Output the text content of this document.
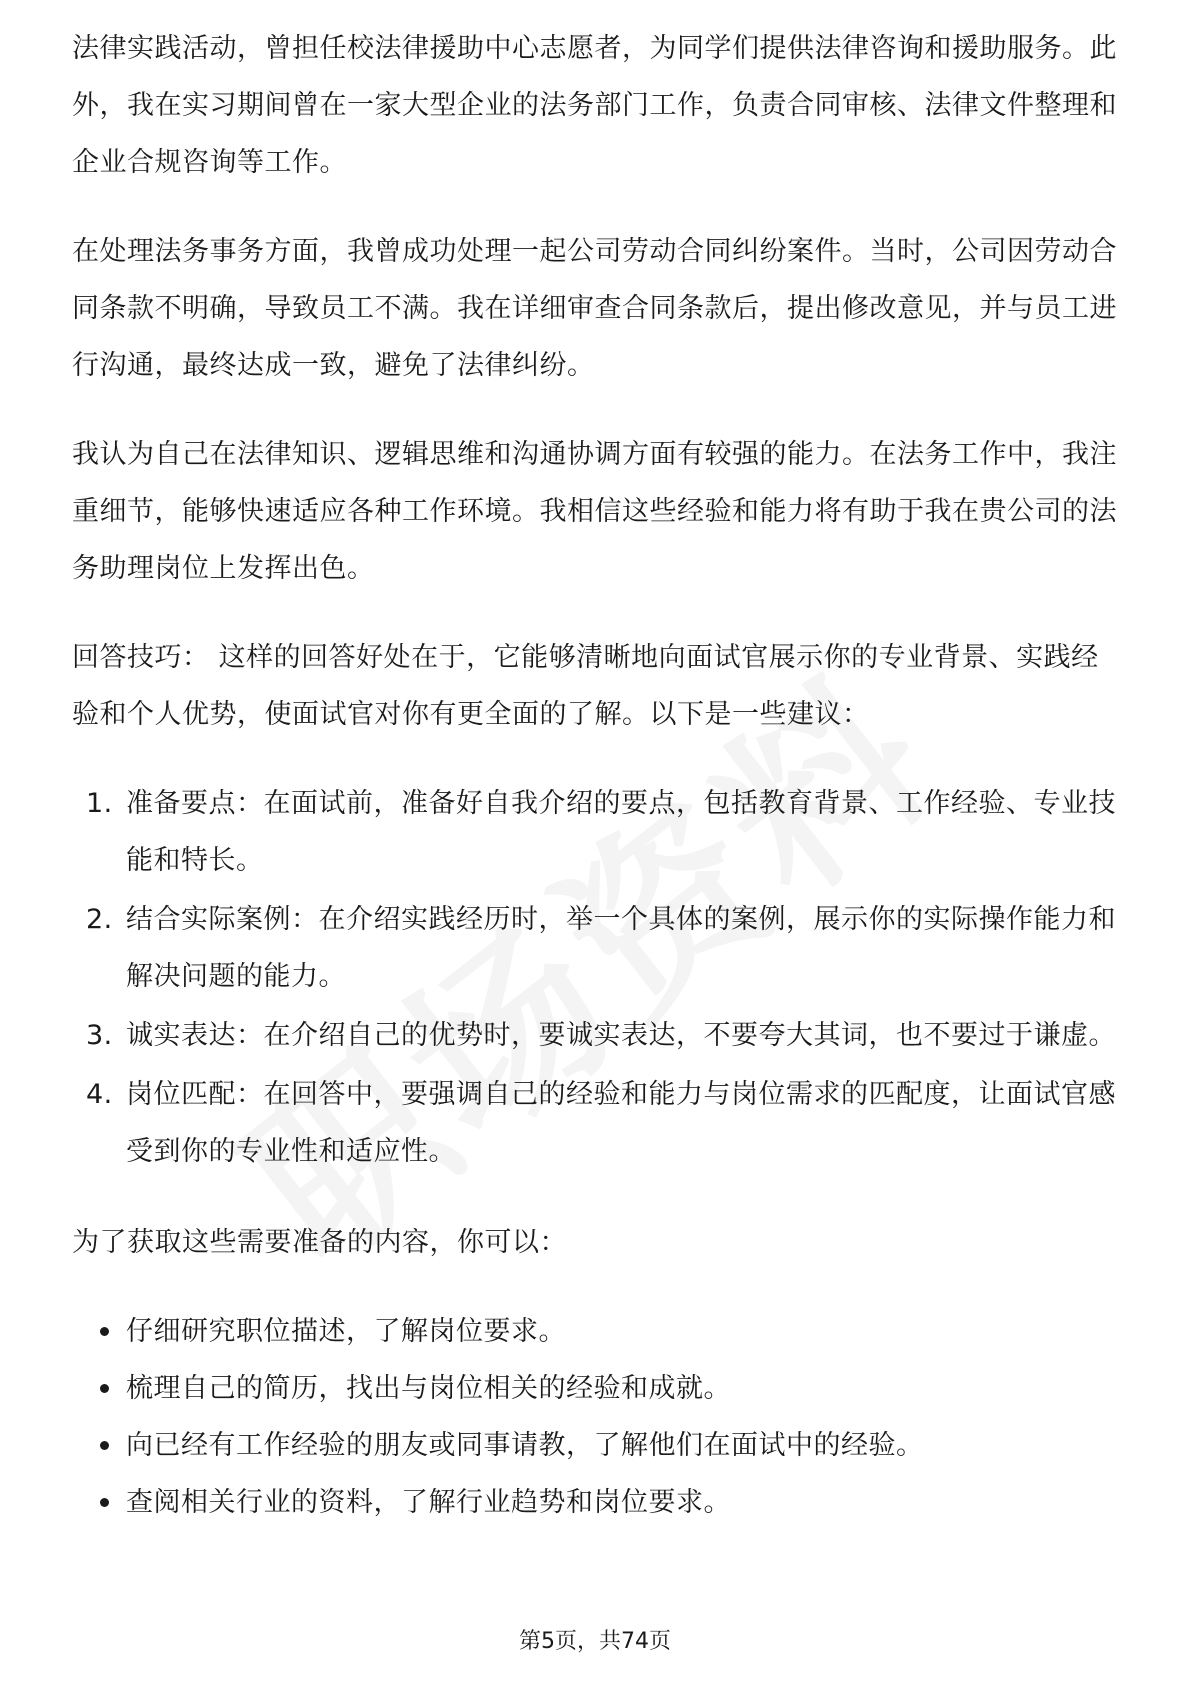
法律实践活动，曾担任校法律援助中心志愿者，为同学们提供法律咨询和援助服务。此外，我在实习期间曾在一家大型企业的法务部门工作，负责合同审核、法律文件整理和企业合规咨询等工作。

在处理法务事务方面，我曾成功处理一起公司劳动合同纠纷案件。当时，公司因劳动合同条款不明确，导致员工不满。我在详细审查合同条款后，提出修改意见，并与员工进行沟通，最终达成一致，避免了法律纠纷。

我认为自己在法律知识、逻辑思维和沟通协调方面有较强的能力。在法务工作中，我注重细节，能够快速适应各种工作环境。我相信这些经验和能力将有助于我在贵公司的法务助理岗位上发挥出色。

回答技巧： 这样的回答好处在于，它能够清晰地向面试官展示你的专业背景、实践经验和个人优势，使面试官对你有更全面的了解。以下是一些建议：

1. 准备要点：在面试前，准备好自我介绍的要点，包括教育背景、工作经验、专业技能和特长。
2. 结合实际案例：在介绍实践经历时，举一个具体的案例，展示你的实际操作能力和解决问题的能力。
3. 诚实表达：在介绍自己的优势时，要诚实表达，不要夸大其词，也不要过于谦虚。
4. 岗位匹配：在回答中，要强调自己的经验和能力与岗位需求的匹配度，让面试官感受到你的专业性和适应性。

为了获取这些需要准备的内容，你可以：

仔细研究职位描述，了解岗位要求。
梳理自己的简历，找出与岗位相关的经验和成就。
向已经有工作经验的朋友或同事请教，了解他们在面试中的经验。
查阅相关行业的资料，了解行业趋势和岗位要求。
第5页，共74页
